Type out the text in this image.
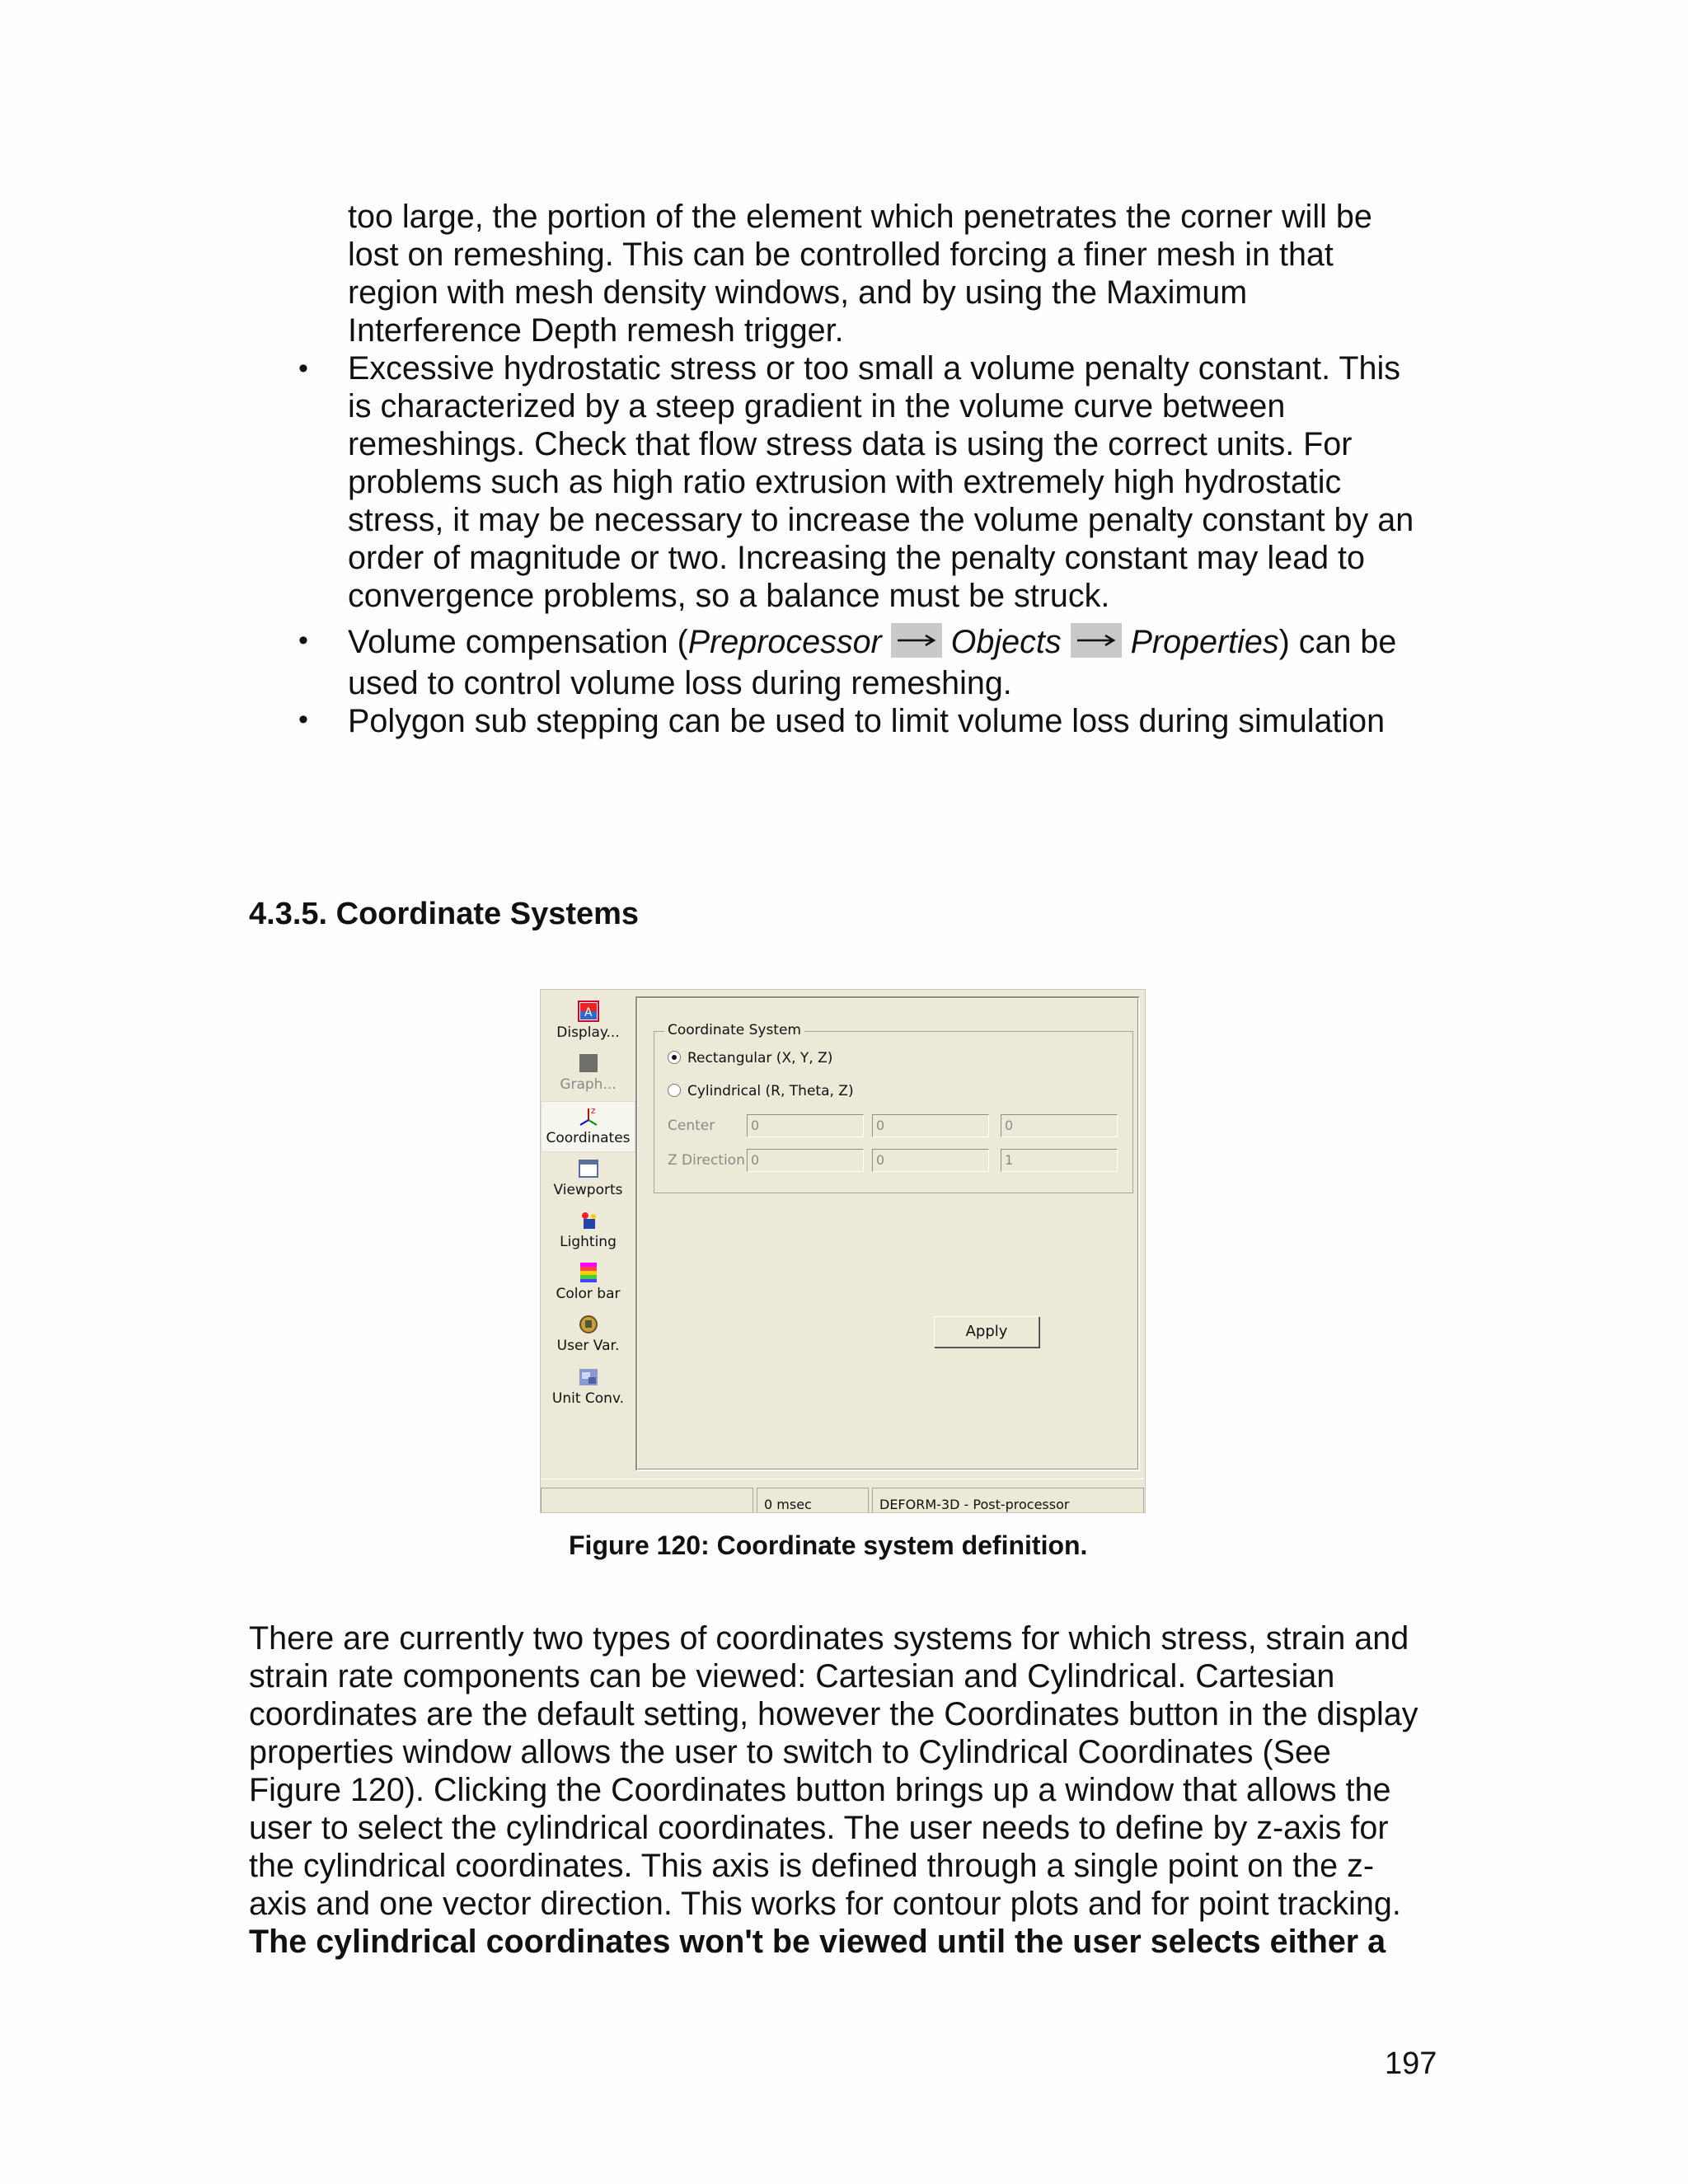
too large, the portion of the element which penetrates the corner will be
lost on remeshing. This can be controlled forcing a finer mesh in that
region with mesh density windows, and by using the Maximum
Interference Depth remesh trigger.
• Excessive hydrostatic stress or too small a volume penalty constant. This
is characterized by a steep gradient in the volume curve between
remeshings. Check that flow stress data is using the correct units. For
problems such as high ratio extrusion with extremely high hydrostatic
stress, it may be necessary to increase the volume penalty constant by an
order of magnitude or two. Increasing the penalty constant may lead to
convergence problems, so a balance must be struck.
• Volume compensation (Preprocessor Objects Properties) can be
used to control volume loss during remeshing.
• Polygon sub stepping can be used to limit volume loss during simulation
4.3.5. Coordinate Systems
A
Display...
Graph...
Z
Coordinates
Viewports
Lighting
Color bar
User Var.
Unit Conv.
Coordinate System
Rectangular (X, Y, Z)
Cylindrical (R, Theta, Z)
Center	0	0	0
Z Direction 0	0	1
Apply
0 msec	DEFORM-3D - Post-processor
Figure 120: Coordinate system definition.
There are currently two types of coordinates systems for which stress, strain and
strain rate components can be viewed: Cartesian and Cylindrical. Cartesian
coordinates are the default setting, however the Coordinates button in the display
properties window allows the user to switch to Cylindrical Coordinates (See
Figure 120). Clicking the Coordinates button brings up a window that allows the
user to select the cylindrical coordinates. The user needs to define by z-axis for
the cylindrical coordinates. This axis is defined through a single point on the z-
axis and one vector direction. This works for contour plots and for point tracking.
The cylindrical coordinates won't be viewed until the user selects either a
197
